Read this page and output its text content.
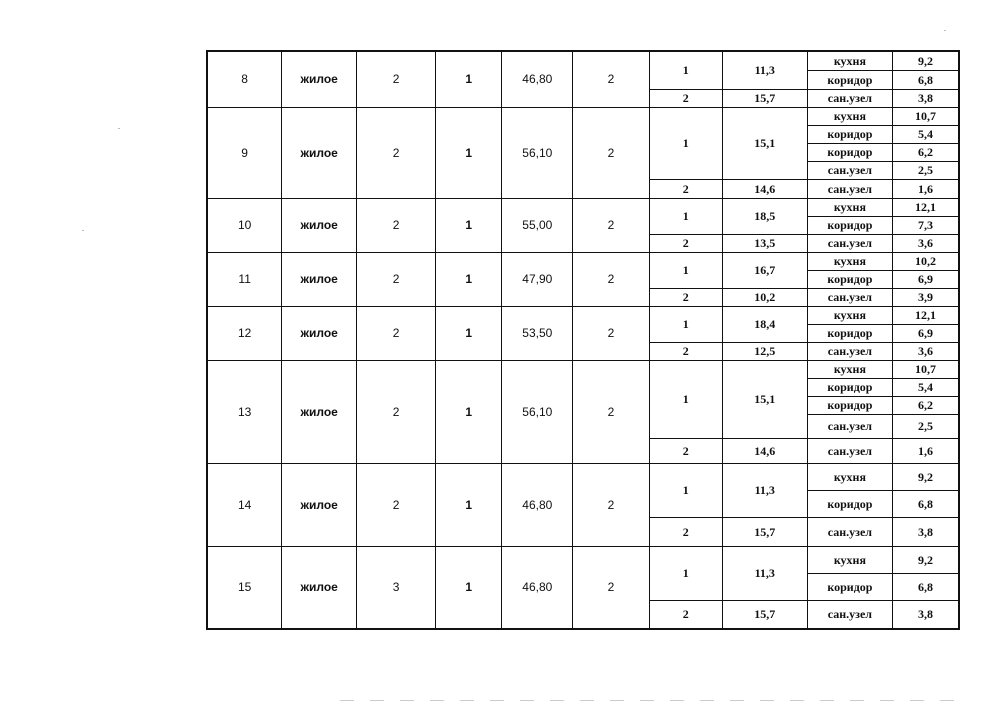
8	жилое	2	1	46,80	2	1	11,3	кухня	9,2
								коридор	6,8
						2	15,7	сан.узел	3,8
9	жилое	2	1	56,10	2	1	15,1	кухня	10,7
								коридор	5,4
								коридор	6,2
								сан.узел	2,5
						2	14,6	сан.узел	1,6
10	жилое	2	1	55,00	2	1	18,5	кухня	12,1
								коридор	7,3
						2	13,5	сан.узел	3,6
11	жилое	2	1	47,90	2	1	16,7	кухня	10,2
								коридор	6,9
						2	10,2	сан.узел	3,9
12	жилое	2	1	53,50	2	1	18,4	кухня	12,1
								коридор	6,9
						2	12,5	сан.узел	3,6
13	жилое	2	1	56,10	2	1	15,1	кухня	10,7
								коридор	5,4
								коридор	6,2
								сан.узел	2,5
						2	14,6	сан.узел	1,6
14	жилое	2	1	46,80	2	1	11,3	кухня	9,2
								коридор	6,8
						2	15,7	сан.узел	3,8
15	жилое	3	1	46,80	2	1	11,3	кухня	9,2
								коридор	6,8
						2	15,7	сан.узел	3,8
